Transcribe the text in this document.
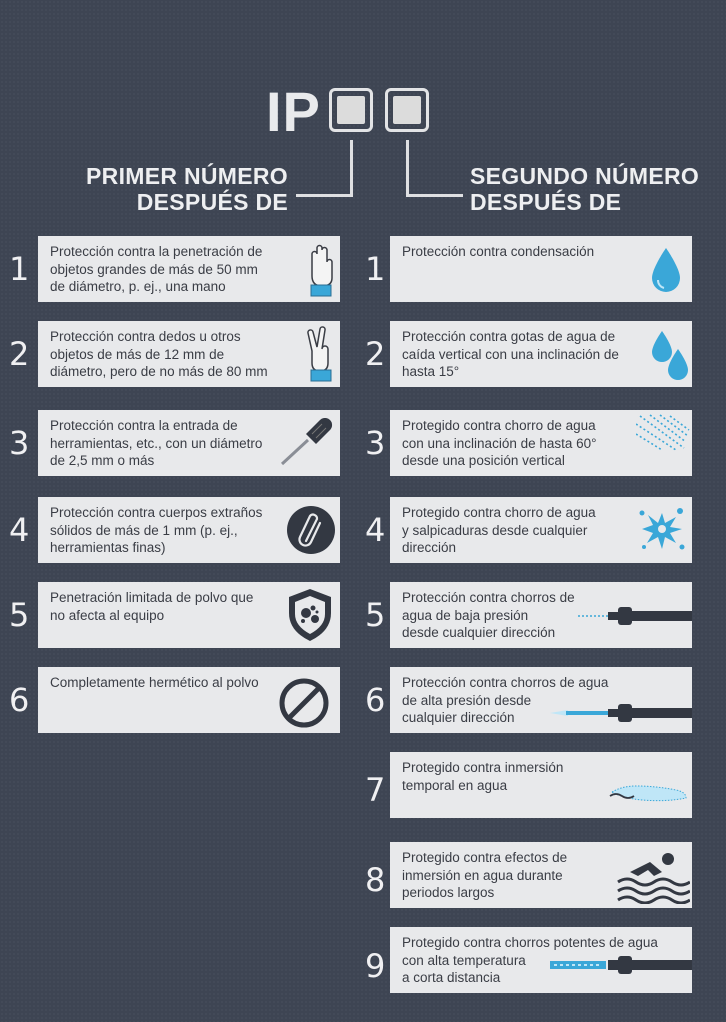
IP
PRIMER NÚMERO
DESPUÉS DE
SEGUNDO NÚMERO
DESPUÉS DE
1 Protección contra la penetración de
objetos grandes de más de 50 mm
de diámetro, p. ej., una mano
2 Protección contra dedos u otros
objetos de más de 12 mm de
diámetro, pero de no más de 80 mm
3 Protección contra la entrada de
herramientas, etc., con un diámetro
de 2,5 mm o más
4 Protección contra cuerpos extraños
sólidos de más de 1 mm (p. ej.,
herramientas finas)
5 Penetración limitada de polvo que
no afecta al equipo
6 Completamente hermético al polvo
1 Protección contra condensación
2 Protección contra gotas de agua de
caída vertical con una inclinación de
hasta 15°
3 Protegido contra chorro de agua
con una inclinación de hasta 60°
desde una posición vertical
4 Protegido contra chorro de agua
y salpicaduras desde cualquier
dirección
5 Protección contra chorros de
agua de baja presión
desde cualquier dirección
6 Protección contra chorros de agua
de alta presión desde
cualquier dirección
7
Protegido contra inmersión
temporal en agua
8
Protegido contra efectos de
inmersión en agua durante
periodos largos
9
Protegido contra chorros potentes de agua
con alta temperatura
a corta distancia
